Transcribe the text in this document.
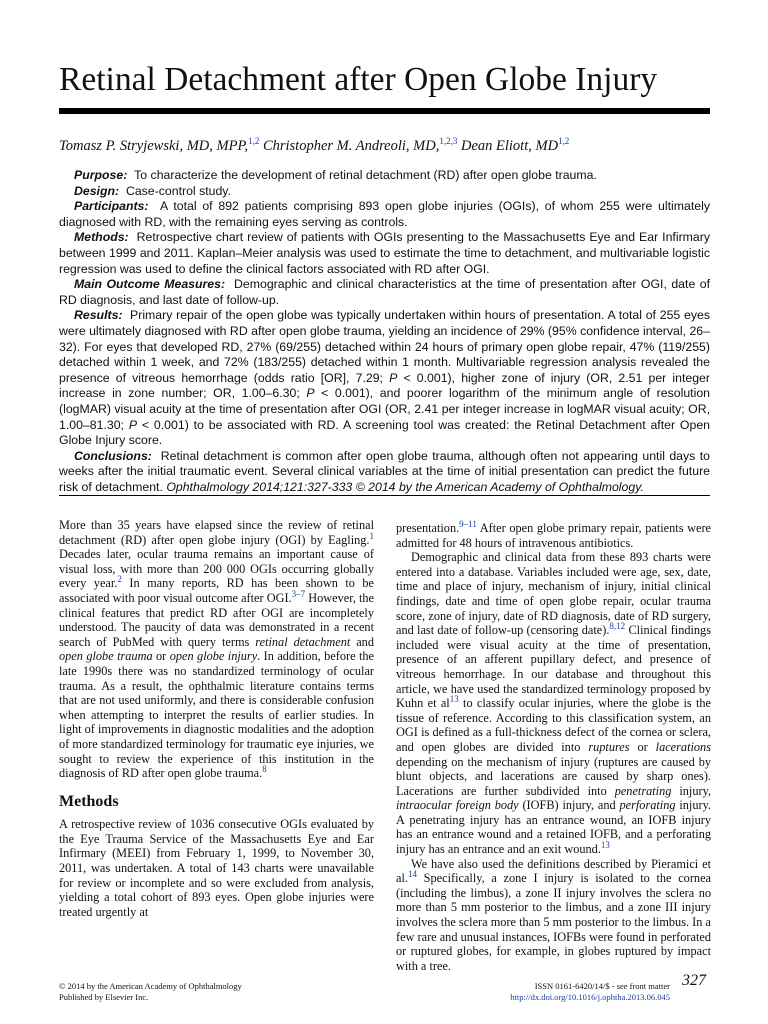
Retinal Detachment after Open Globe Injury
Tomasz P. Stryjewski, MD, MPP,$^{1,2}$ Christopher M. Andreoli, MD,$^{1,2,3}$ Dean Eliott, MD$^{1,2}$

Purpose: To characterize the development of retinal detachment (RD) after open globe trauma.

Design: Case-control study.

Participants: A total of 892 patients comprising 893 open globe injuries (OGIs), of whom 255 were ultimately diagnosed with RD, with the remaining eyes serving as controls.

Methods: Retrospective chart review of patients with OGIs presenting to the Massachusetts Eye and Ear Infirmary between 1999 and 2011. Kaplan–Meier analysis was used to estimate the time to detachment, and multivariable logistic regression was used to define the clinical factors associated with RD after OGI.

Main Outcome Measures: Demographic and clinical characteristics at the time of presentation after OGI, date of RD diagnosis, and last date of follow-up.

Results: Primary repair of the open globe was typically undertaken within hours of presentation. A total of 255 eyes were ultimately diagnosed with RD after open globe trauma, yielding an incidence of 29% (95% confidence interval, 26–32). For eyes that developed RD, 27% (69/255) detached within 24 hours of primary open globe repair, 47% (119/255) detached within 1 week, and 72% (183/255) detached within 1 month. Multivariable regression analysis revealed the presence of vitreous hemorrhage (odds ratio [OR], 7.29; P < 0.001), higher zone of injury (OR, 2.51 per integer increase in zone number; OR, 1.00–6.30; P < 0.001), and poorer logarithm of the minimum angle of resolution (logMAR) visual acuity at the time of presentation after OGI (OR, 2.41 per integer increase in logMAR visual acuity; OR, 1.00–81.30; P < 0.001) to be associated with RD. A screening tool was created: the Retinal Detachment after Open Globe Injury score.

Conclusions: Retinal detachment is common after open globe trauma, although often not appearing until days to weeks after the initial traumatic event. Several clinical variables at the time of initial presentation can predict the future risk of detachment. Ophthalmology 2014;121:327-333 © 2014 by the American Academy of Ophthalmology.

More than 35 years have elapsed since the review of retinal detachment (RD) after open globe injury (OGI) by Eagling.$^1$ Decades later, ocular trauma remains an important cause of visual loss, with more than 200 000 OGIs occurring globally every year.$^2$ In many reports, RD has been shown to be associated with poor visual outcome after OGI.$^{3-7}$ However, the clinical features that predict RD after OGI are incompletely understood. The paucity of data was demonstrated in a recent search of PubMed with query terms retinal detachment and open globe trauma or open globe injury. In addition, before the late 1990s there was no standardized terminology of ocular trauma. As a result, the ophthalmic literature contains terms that are not used uniformly, and there is considerable confusion when attempting to interpret the results of earlier studies. In light of improvements in diagnostic modalities and the adoption of more standardized terminology for traumatic eye injuries, we sought to review the experience of this institution in the diagnosis of RD after open globe trauma.$^8$

Methods

A retrospective review of 1036 consecutive OGIs evaluated by the Eye Trauma Service of the Massachusetts Eye and Ear Infirmary (MEEI) from February 1, 1999, to November 30, 2011, was undertaken. A total of 143 charts were unavailable for review or incomplete and so were excluded from analysis, yielding a total cohort of 893 eyes. Open globe injuries were treated urgently at

presentation.$^{9-11}$ After open globe primary repair, patients were admitted for 48 hours of intravenous antibiotics.

Demographic and clinical data from these 893 charts were entered into a database. Variables included were age, sex, date, time and place of injury, mechanism of injury, initial clinical findings, date and time of open globe repair, ocular trauma score, zone of injury, date of RD diagnosis, date of RD surgery, and last date of follow-up (censoring date).$^{8,12}$ Clinical findings included were visual acuity at the time of presentation, presence of an afferent pupillary defect, and presence of vitreous hemorrhage. In our database and throughout this article, we have used the standardized terminology proposed by Kuhn et $al^{13}$ to classify ocular injuries, where the globe is the tissue of reference. According to this classification system, an OGI is defined as a full-thickness defect of the cornea or sclera, and open globes are divided into ruptures or lacerations depending on the mechanism of injury (ruptures are caused by blunt objects, and lacerations are caused by sharp ones). Lacerations are further subdivided into penetrating injury, intraocular foreign body (IOFB) injury, and perforating injury. A penetrating injury has an entrance wound, an IOFB injury has an entrance wound and a retained IOFB, and a perforating injury has an entrance and an exit wound.$^{13}$

We have also used the definitions described by Pieramici et al.$^{14}$ Specifically, a zone I injury is isolated to the cornea (including the limbus), a zone II injury involves the sclera no more than 5 mm posterior to the limbus, and a zone III injury involves the sclera more than 5 mm posterior to the limbus. In a few rare and unusual instances, IOFBs were found in perforated or ruptured globes, for example, in globes ruptured by impact with a tree.

© 2014 by the American Academy of Ophthalmology
Published by Elsevier Inc.
ISSN 0161-6420/14/$ - see front matter
http://dx.doi.org/10.1016/j.ophtha.2013.06.045
327
